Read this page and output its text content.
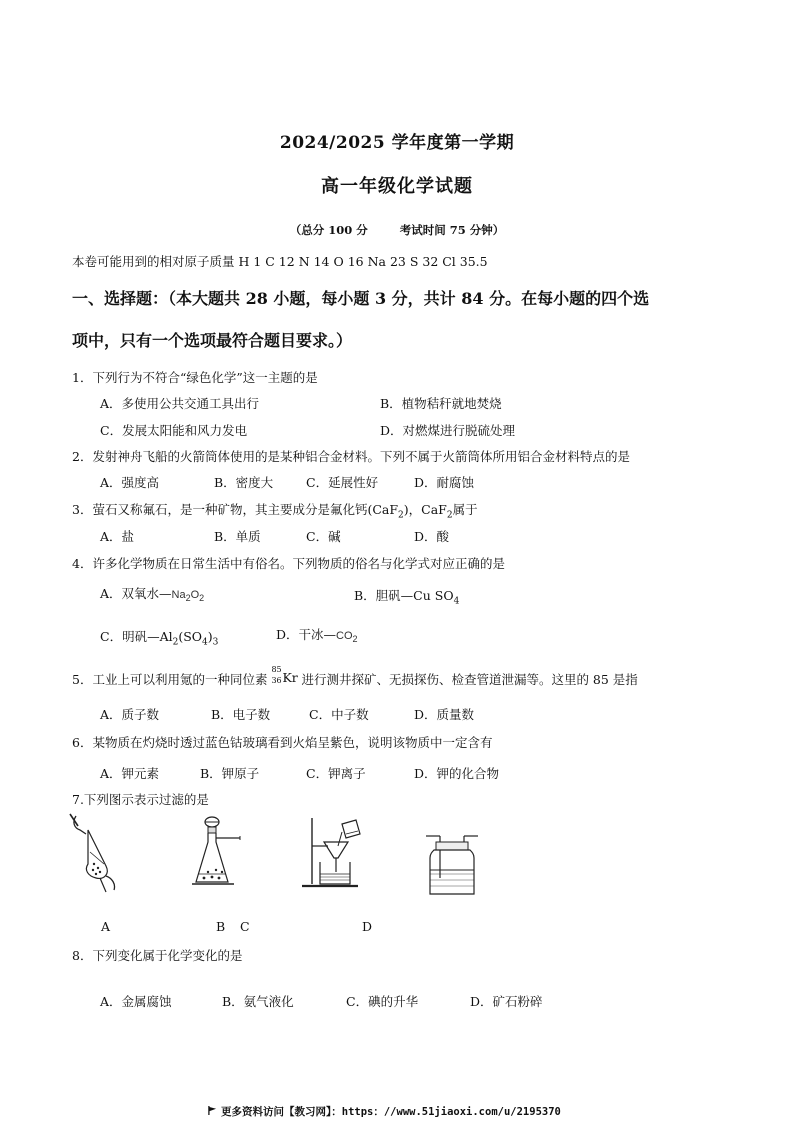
2024/2025 学年度第一学期
高一年级化学试题
（总分 100 分	考试时间 75 分钟）
本卷可能用到的相对原子质量 H 1 C 12 N 14 O 16 Na 23 S 32 Cl 35.5
一、选择题：（本大题共 28 小题，每小题 3 分，共计 84 分。在每小题的四个选
项中，只有一个选项最符合题目要求。）
1．下列行为不符合“绿色化学”这一主题的是
A．多使用公共交通工具出行	B．植物秸秆就地焚烧
C．发展太阳能和风力发电	D．对燃煤进行脱硫处理
2．发射神舟飞船的火箭筒体使用的是某种铝合金材料。下列不属于火箭筒体所用铝合金材料特点的是
A．强度高	B．密度大	C．延展性好	D．耐腐蚀
3．萤石又称氟石，是一种矿物，其主要成分是氟化钙(CaF$_2$)，CaF$_2$属于
A．盐	B．单质	C．碱	D．酸
4．许多化学物质在日常生活中有俗名。下列物质的俗名与化学式对应正确的是
A．双氧水$—Na_2O_2$	B．胆矾—Cu $SO_4$
C．明矾$—Al_2(SO_4)_3$
D．干冰$—CO_2$
5．工业上可以利用氪的一种同位素
85
36 Kr 进行测井探矿、无损探伤、检查管道泄漏等。这里的 85 是指
A．质子数	B．电子数	C．中子数	D．质量数
6．某物质在灼烧时透过蓝色钴玻璃看到火焰呈紫色，说明该物质中一定含有
A．钾元素	B．钾原子	C．钾离子	D．钾的化合物
7.下列图示表示过滤的是
A	B C	D
8．下列变化属于化学变化的是
A．金属腐蚀	B．氨气液化	C．碘的升华	D．矿石粉碎
更多资料访问【教习网】：https：//www.51jiaoxi.com/u/2195370
